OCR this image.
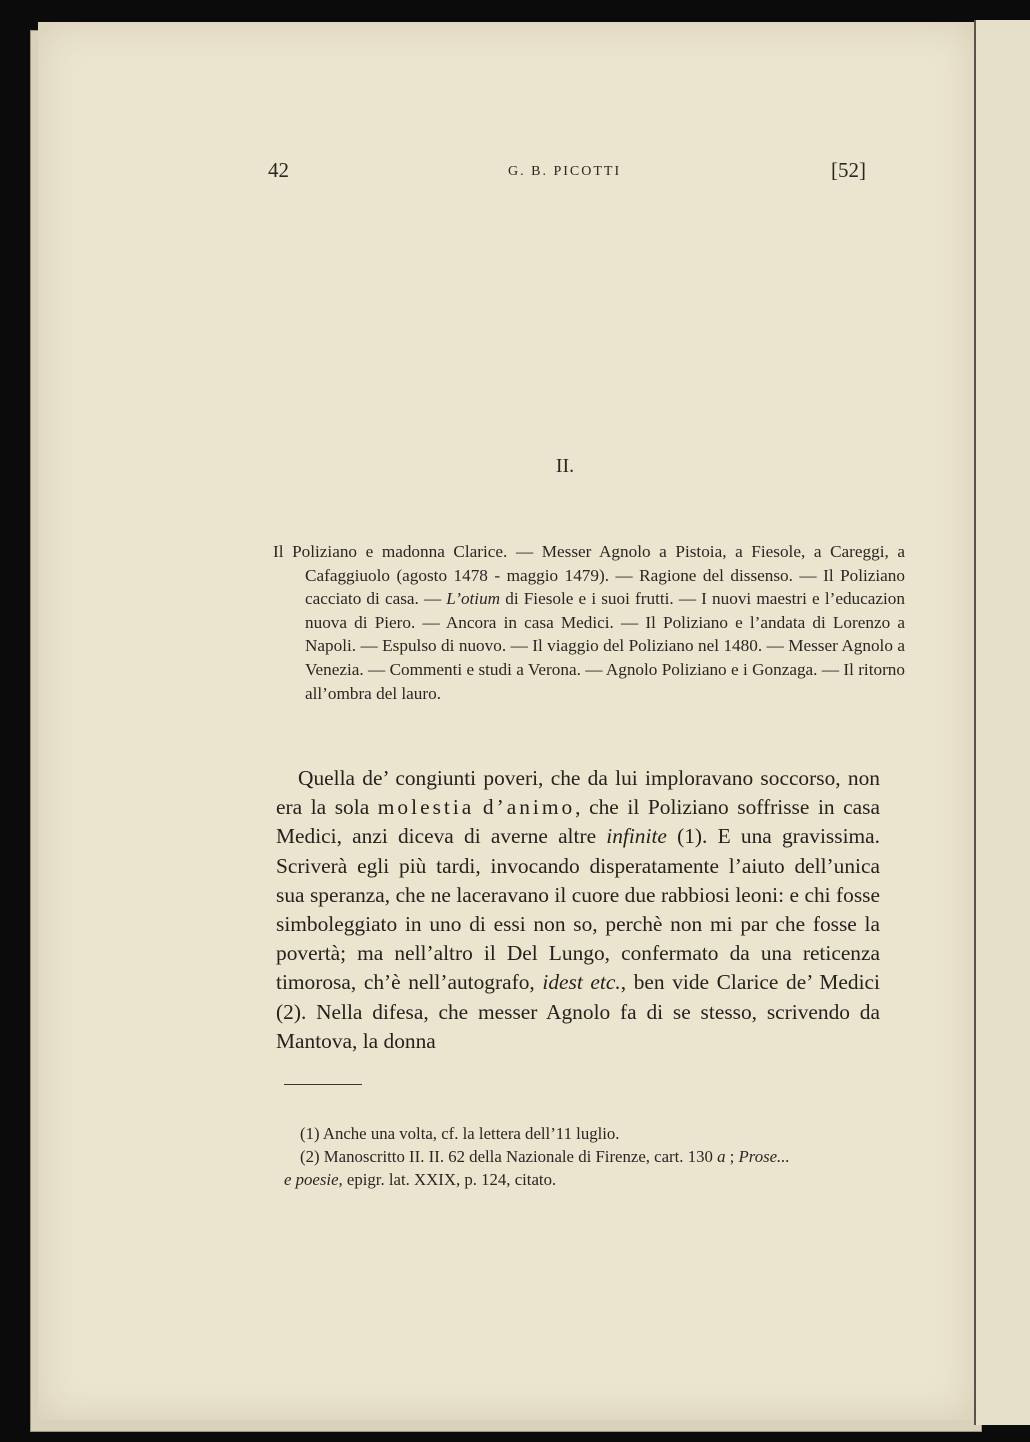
42	G. B. PICOTTI	[52]
II.
Il Poliziano e madonna Clarice. — Messer Agnolo a Pistoia, a Fiesole, a Careggi, a Cafaggiuolo (agosto 1478 - maggio 1479). — Ragione del dissenso. — Il Poliziano cacciato di casa. — L’otium di Fiesole e i suoi frutti. — I nuovi maestri e l’educazion nuova di Piero. — Ancora in casa Medici. — Il Poliziano e l’andata di Lorenzo a Napoli. — Espulso di nuovo. — Il viaggio del Poliziano nel 1480. — Messer Agnolo a Venezia. — Commenti e studi a Verona. — Agnolo Poliziano e i Gonzaga. — Il ritorno all’ombra del lauro.

Quella de’ congiunti poveri, che da lui imploravano soccorso, non era la sola molestia d’animo, che il Poliziano soffrisse in casa Medici, anzi diceva di averne altre infinite (1). E una gravissima. Scriverà egli più tardi, invocando disperatamente l’aiuto dell’unica sua speranza, che ne laceravano il cuore due rabbiosi leoni: e chi fosse simboleggiato in uno di essi non so, perchè non mi par che fosse la povertà; ma nell’altro il Del Lungo, confermato da una reticenza timorosa, ch’è nell’autografo, idest etc., ben vide Clarice de’ Medici (2). Nella difesa, che messer Agnolo fa di se stesso, scrivendo da Mantova, la donna

(1) Anche una volta, cf. la lettera dell’11 luglio.

(2) Manoscritto II. II. 62 della Nazionale di Firenze, cart. 130 a ; Prose...
e poesie, epigr. lat. XXIX, p. 124, citato.
